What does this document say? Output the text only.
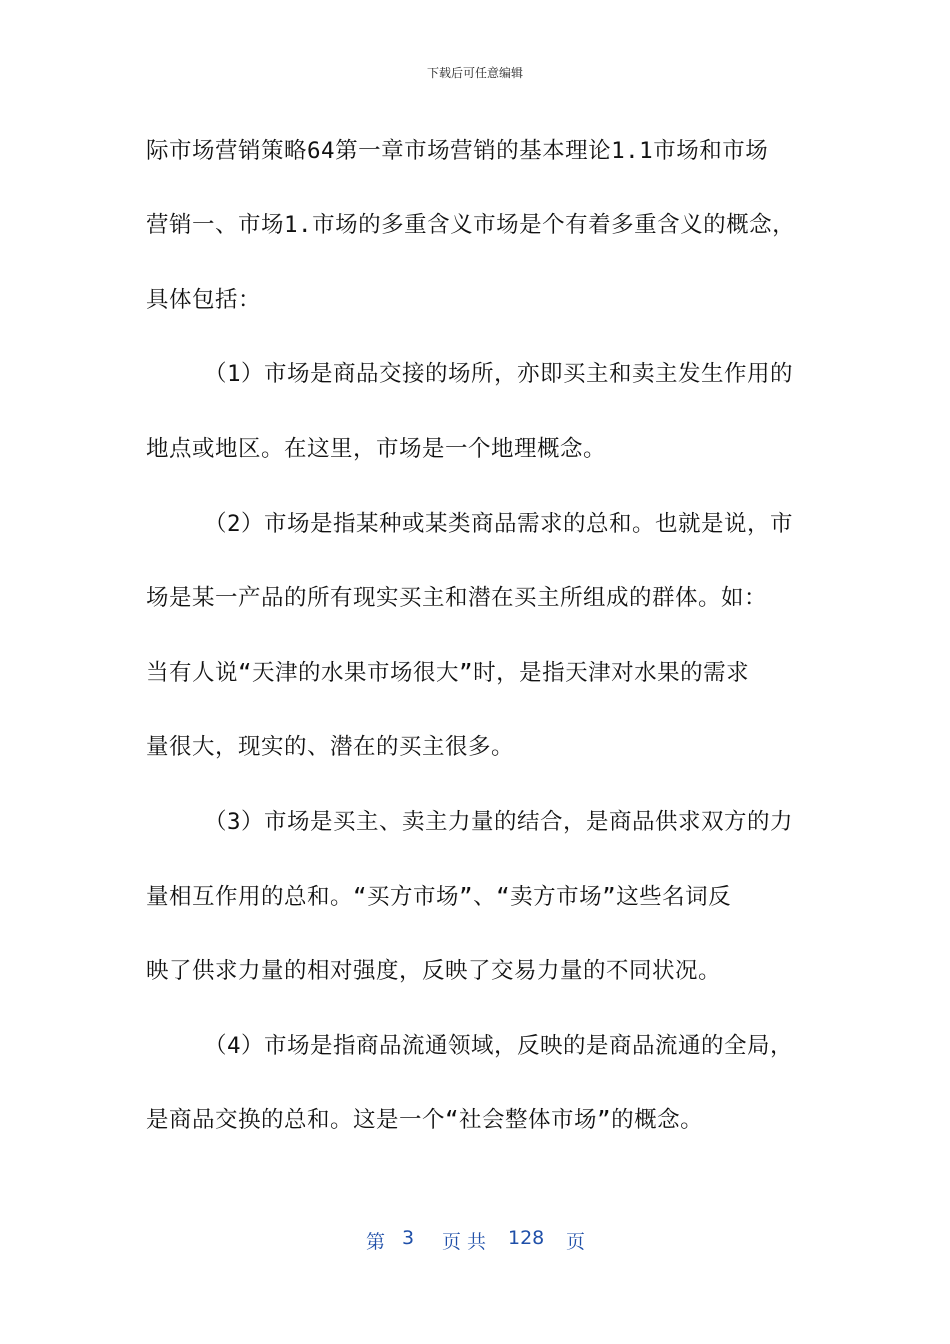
下载后可任意编辑
际市场营销策略64第一章市场营销的基本理论1.1市场和市场
营销一、市场1.市场的多重含义市场是个有着多重含义的概念，
具体包括：
（1）市场是商品交接的场所，亦即买主和卖主发生作用的
地点或地区。在这里，市场是一个地理概念。
（2）市场是指某种或某类商品需求的总和。也就是说，市
场是某一产品的所有现实买主和潜在买主所组成的群体。如：
当有人说“天津的水果市场很大”时，是指天津对水果的需求
量很大，现实的、潜在的买主很多。
（3）市场是买主、卖主力量的结合，是商品供求双方的力
量相互作用的总和。“买方市场”、“卖方市场”这些名词反
映了供求力量的相对强度，反映了交易力量的不同状况。
（4）市场是指商品流通领域，反映的是商品流通的全局，
是商品交换的总和。这是一个“社会整体市场”的概念。
第 3 页 共 128 页
